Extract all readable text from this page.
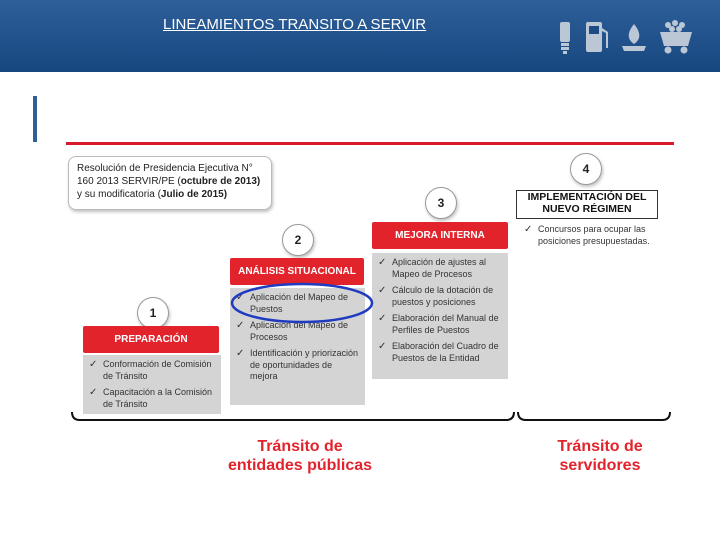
LINEAMIENTOS TRANSITO A SERVIR
Resolución de Presidencia Ejecutiva N°
160 2013 SERVIR/PE (octubre de 2013)
y su modificatoria (Julio de 2015)
1
2
3
4
PREPARACIÓN
✓ Conformación de Comisión de Tránsito
✓ Capacitación a la Comisión de Tránsito
ANÁLISIS SITUACIONAL
✓ Aplicación del Mapeo de Puestos
✓ Aplicación del Mapeo de Procesos
✓ Identificación y priorización de oportunidades de mejora
MEJORA INTERNA
✓ Aplicación de ajustes al Mapeo de Procesos
✓ Cálculo de la dotación de puestos y posiciones
✓ Elaboración del Manual de Perfiles de Puestos
✓ Elaboración del Cuadro de Puestos de la Entidad
IMPLEMENTACIÓN DEL
NUEVO RÉGIMEN
✓ Concursos para ocupar las posiciones presupuestadas.
Tránsito de
entidades públicas
Tránsito de
servidores
